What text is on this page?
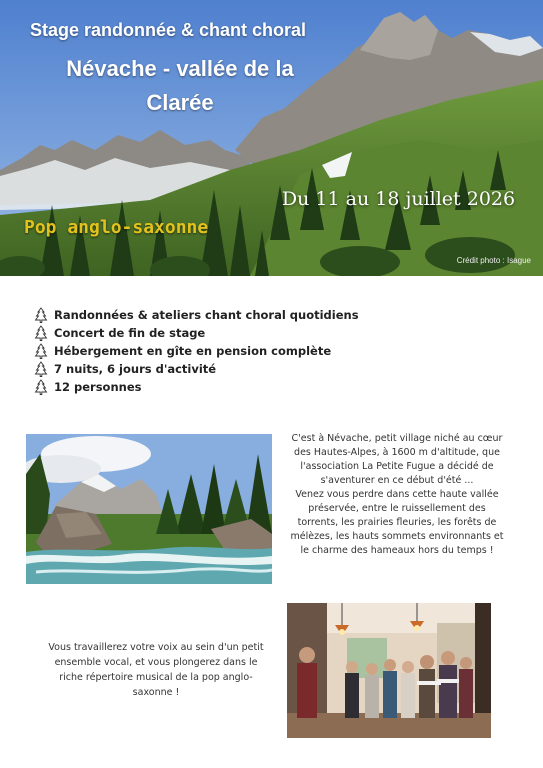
Stage randonnée & chant choral
Névache - vallée de la
Clarée
Du 11 au 18 juillet 2026
Pop anglo-saxonne
Crédit photo : Isague
Randonnées & ateliers chant choral quotidiens
Concert de fin de stage
Hébergement en gîte en pension complète
7 nuits, 6 jours d'activité
12 personnes
C'est à Névache, petit village niché au cœur des Hautes-Alpes, à 1600 m d'altitude, que l'association La Petite Fugue a décidé de s'aventurer en ce début d'été ...
Venez vous perdre dans cette haute vallée préservée, entre le ruissellement des torrents, les prairies fleuries, les forêts de mélèzes, les hauts sommets environnants et le charme des hameaux hors du temps !

Vous travaillerez votre voix au sein d'un petit ensemble vocal, et vous plongerez dans le riche répertoire musical de la pop anglo-saxonne !
